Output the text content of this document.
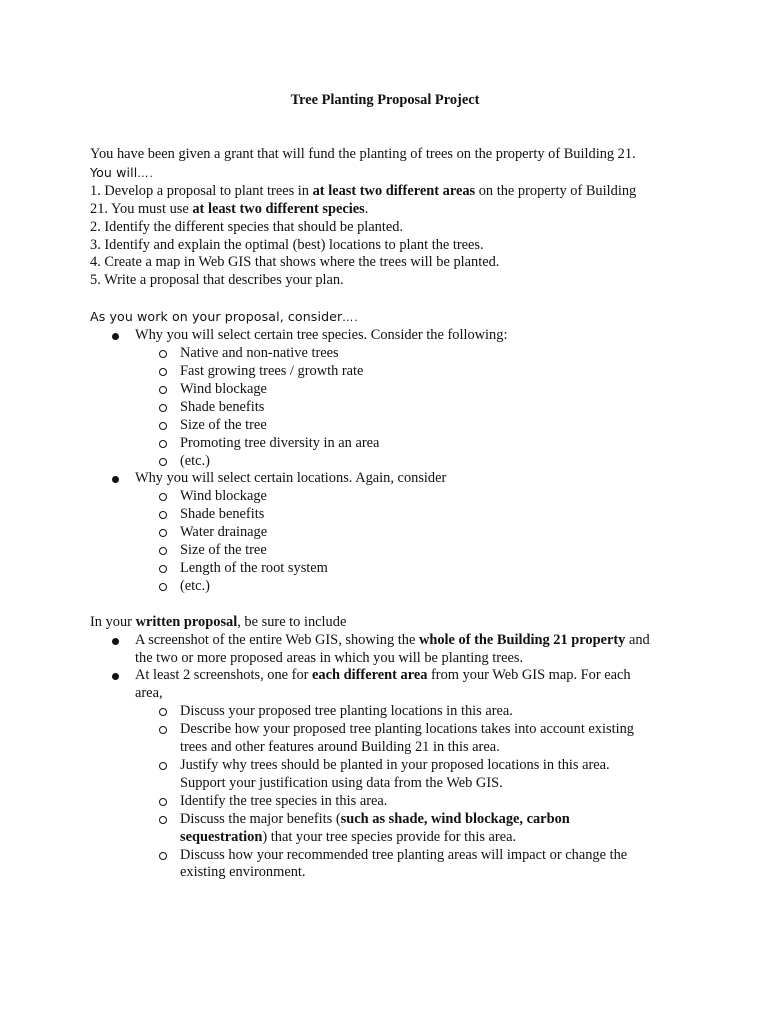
Tree Planting Proposal Project
You have been given a grant that will fund the planting of trees on the property of Building 21.
You will….
1. Develop a proposal to plant trees in at least two different areas on the property of Building
21. You must use at least two different species.
2. Identify the different species that should be planted.
3. Identify and explain the optimal (best) locations to plant the trees.
4. Create a map in Web GIS that shows where the trees will be planted.
5. Write a proposal that describes your plan.
As you work on your proposal, consider….
Why you will select certain tree species. Consider the following:
Native and non-native trees
Fast growing trees / growth rate
Wind blockage
Shade benefits
Size of the tree
Promoting tree diversity in an area
(etc.)
Why you will select certain locations. Again, consider
Wind blockage
Shade benefits
Water drainage
Size of the tree
Length of the root system
(etc.)
In your written proposal, be sure to include
A screenshot of the entire Web GIS, showing the whole of the Building 21 property and
the two or more proposed areas in which you will be planting trees.
At least 2 screenshots, one for each different area from your Web GIS map. For each
area,
Discuss your proposed tree planting locations in this area.
Describe how your proposed tree planting locations takes into account existing
trees and other features around Building 21 in this area.
Justify why trees should be planted in your proposed locations in this area.
Support your justification using data from the Web GIS.
Identify the tree species in this area.
Discuss the major benefits (such as shade, wind blockage, carbon
sequestration) that your tree species provide for this area.
Discuss how your recommended tree planting areas will impact or change the
existing environment.
